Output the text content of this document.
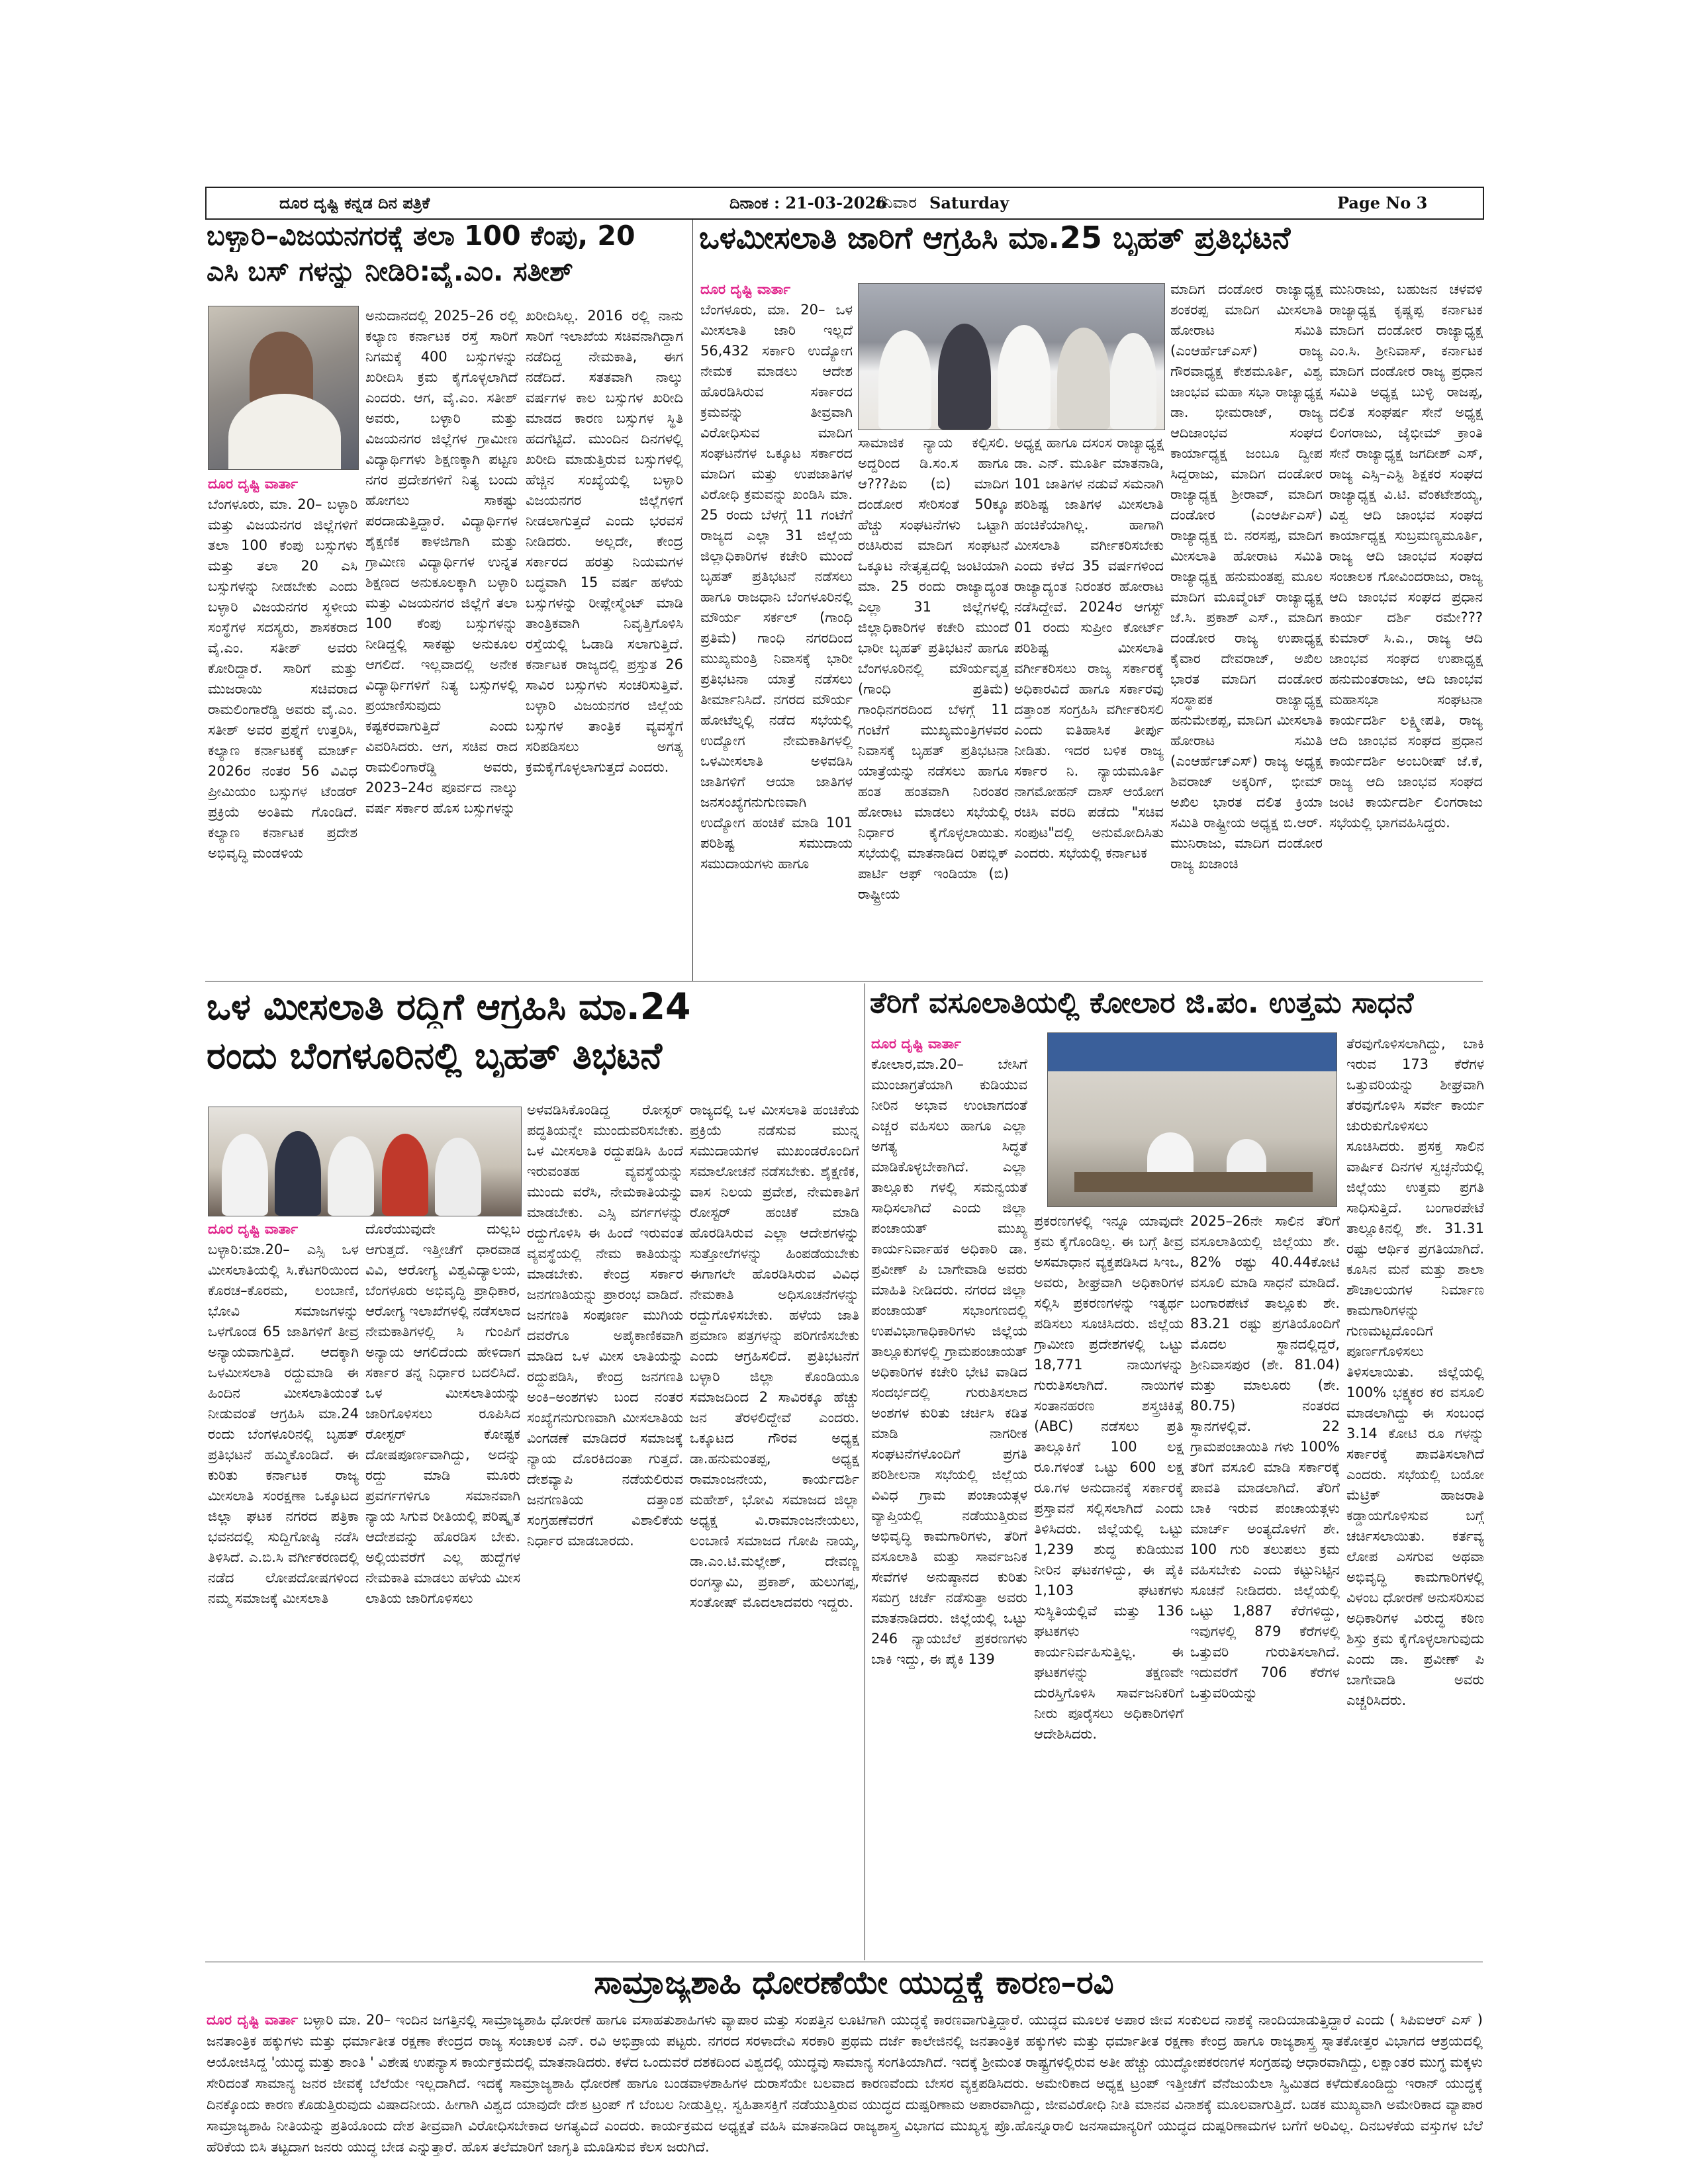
ದೂರ ದೃಷ್ಟಿ ಕನ್ನಡ ದಿನ ಪತ್ರಿಕೆ	ದಿನಾಂಕ : 21-03-2026
ಶನಿವಾರ Saturday	Page No 3
ಬಳ್ಳಾರಿ–ವಿಜಯನಗರಕ್ಕೆ ತಲಾ 100 ಕೆಂಪು, 20
ಎಸಿ ಬಸ್ ಗಳನ್ನು ನೀಡಿರಿ:ವೈ.ಎಂ. ಸತೀಶ್

ದೂರ ದೃಷ್ಟಿ ವಾರ್ತಾ

ಬೆಂಗಳೂರು, ಮಾ. 20– ಬಳ್ಳಾರಿ ಮತ್ತು ವಿಜಯನಗರ ಜಿಲ್ಲೆಗಳಿಗೆ ತಲಾ 100 ಕೆಂಪು ಬಸ್ಸುಗಳು ಮತ್ತು ತಲಾ 20 ಎಸಿ ಬಸ್ಸುಗಳನ್ನು ನೀಡಬೇಕು ಎಂದು ಬಳ್ಳಾರಿ ವಿಜಯನಗರ ಸ್ಥಳೀಯ ಸಂಸ್ಥೆಗಳ ಸದಸ್ಯರು, ಶಾಸಕರಾದ ವೈ.ಎಂ. ಸತೀಶ್ ಅವರು ಕೋರಿದ್ದಾರೆ. ಸಾರಿಗೆ ಮತ್ತು ಮುಜರಾಯಿ ಸಚಿವರಾದ ರಾಮಲಿಂಗಾರೆಡ್ಡಿ ಅವರು ವೈ.ಎಂ. ಸತೀಶ್ ಅವರ ಪ್ರಶ್ನೆಗೆ ಉತ್ತರಿಸಿ, ಕಲ್ಯಾಣ ಕರ್ನಾಟಕಕ್ಕೆ ಮಾರ್ಚ್ 2026ರ ನಂತರ 56 ವಿವಿಧ ಪ್ರೀಮಿಯಂ ಬಸ್ಸುಗಳ ಟೆಂಡರ್ ಪ್ರಕ್ರಿಯೆ ಅಂತಿಮ ಗೊಂಡಿದೆ. ಕಲ್ಯಾಣ ಕರ್ನಾಟಕ ಪ್ರದೇಶ ಅಭಿವೃದ್ಧಿ ಮಂಡಳಿಯ

ಅನುದಾನದಲ್ಲಿ 2025–26 ರಲ್ಲಿ ಕಲ್ಯಾಣ ಕರ್ನಾಟಕ ರಸ್ತೆ ಸಾರಿಗೆ ನಿಗಮಕ್ಕೆ 400 ಬಸ್ಸುಗಳನ್ನು ಖರೀದಿಸಿ ಕ್ರಮ ಕೈಗೊಳ್ಳಲಾಗಿದೆ ಎಂದರು. ಆಗ, ವೈ.ಎಂ. ಸತೀಶ್ ಅವರು, ಬಳ್ಳಾರಿ ಮತ್ತು ವಿಜಯನಗರ ಜಿಲ್ಲೆಗಳ ಗ್ರಾಮೀಣ ವಿದ್ಯಾರ್ಥಿಗಳು ಶಿಕ್ಷಣಕ್ಕಾಗಿ ಪಟ್ಟಣ ನಗರ ಪ್ರದೇಶಗಳಿಗೆ ನಿತ್ಯ ಬಂದು ಹೋಗಲು ಸಾಕಷ್ಟು ಪರದಾಡುತ್ತಿದ್ದಾರೆ. ವಿದ್ಯಾರ್ಥಿಗಳ ಶೈಕ್ಷಣಿಕ ಕಾಳಜಿಗಾಗಿ ಮತ್ತು ಗ್ರಾಮೀಣ ವಿದ್ಯಾರ್ಥಿಗಳ ಉನ್ನತ ಶಿಕ್ಷಣದ ಅನುಕೂಲಕ್ಕಾಗಿ ಬಳ್ಳಾರಿ ಮತ್ತು ವಿಜಯನಗರ ಜಿಲ್ಲೆಗೆ ತಲಾ 100 ಕೆಂಪು ಬಸ್ಸುಗಳನ್ನು ನೀಡಿದ್ದಲ್ಲಿ ಸಾಕಷ್ಟು ಅನುಕೂಲ ಆಗಲಿದೆ. ಇಲ್ಲವಾದಲ್ಲಿ ಅನೇಕ ವಿದ್ಯಾರ್ಥಿಗಳಿಗೆ ನಿತ್ಯ ಬಸ್ಸುಗಳಲ್ಲಿ ಪ್ರಯಾಣಿಸುವುದು ಕಷ್ಟಕರವಾಗುತ್ತಿದೆ ಎಂದು ವಿವರಿಸಿದರು. ಆಗ, ಸಚಿವ ರಾದ ರಾಮಲಿಂಗಾರೆಡ್ಡಿ ಅವರು, 2023–24ರ ಪೂರ್ವದ ನಾಲ್ಕು ವರ್ಷ ಸರ್ಕಾರ ಹೊಸ ಬಸ್ಸುಗಳನ್ನು

ಖರೀದಿಸಿಲ್ಲ. 2016 ರಲ್ಲಿ ನಾನು ಸಾರಿಗೆ ಇಲಾಖೆಯ ಸಚಿವನಾಗಿದ್ದಾಗ ನಡೆದಿದ್ದ ನೇಮಕಾತಿ, ಈಗ ನಡೆದಿದೆ. ಸತತವಾಗಿ ನಾಲ್ಕು ವರ್ಷಗಳ ಕಾಲ ಬಸ್ಸುಗಳ ಖರೀದಿ ಮಾಡದ ಕಾರಣ ಬಸ್ಸುಗಳ ಸ್ಥಿತಿ ಹದಗೆಟ್ಟಿದೆ. ಮುಂದಿನ ದಿನಗಳಲ್ಲಿ ಖರೀದಿ ಮಾಡುತ್ತಿರುವ ಬಸ್ಸುಗಳಲ್ಲಿ ಹೆಚ್ಚಿನ ಸಂಖ್ಯೆಯಲ್ಲಿ ಬಳ್ಳಾರಿ ವಿಜಯನಗರ ಜಿಲ್ಲೆಗಳಿಗೆ ನೀಡಲಾಗುತ್ತದೆ ಎಂದು ಭರವಸೆ ನೀಡಿದರು. ಅಲ್ಲದೇ, ಕೇಂದ್ರ ಸರ್ಕಾರದ ಹರತ್ತು ನಿಯಮಗಳ ಬದ್ಧವಾಗಿ 15 ವರ್ಷ ಹಳೆಯ ಬಸ್ಸುಗಳನ್ನು ರೀಪ್ಲೇಸ್ಮೆಂಟ್ ಮಾಡಿ ತಾಂತ್ರಿಕವಾಗಿ ನಿವೃತ್ತಿಗೊಳಿಸಿ ರಸ್ತೆಯಲ್ಲಿ ಓಡಾಡಿ ಸಲಾಗುತ್ತಿದೆ. ಕರ್ನಾಟಕ ರಾಜ್ಯದಲ್ಲಿ ಪ್ರಸ್ತುತ 26 ಸಾವಿರ ಬಸ್ಸುಗಳು ಸಂಚರಿಸುತ್ತಿವೆ. ಬಳ್ಳಾರಿ ವಿಜಯನಗರ ಜಿಲ್ಲೆಯ ಬಸ್ಸುಗಳ ತಾಂತ್ರಿಕ ವ್ಯವಸ್ಥೆಗೆ ಸರಿಪಡಿಸಲು ಅಗತ್ಯ ಕ್ರಮಕೈಗೊಳ್ಳಲಾಗುತ್ತದೆ ಎಂದರು.

ಒಳಮೀಸಲಾತಿ ಜಾರಿಗೆ ಆಗ್ರಹಿಸಿ ಮಾ.25 ಬೃಹತ್ ಪ್ರತಿಭಟನೆ

ದೂರ ದೃಷ್ಟಿ ವಾರ್ತಾ

ಬೆಂಗಳೂರು, ಮಾ. 20– ಒಳ ಮೀಸಲಾತಿ ಜಾರಿ ಇಲ್ಲದೆ 56,432 ಸರ್ಕಾರಿ ಉದ್ಯೋಗ ನೇಮಕ ಮಾಡಲು ಆದೇಶ ಹೊರಡಿಸಿರುವ ಸರ್ಕಾರದ ಕ್ರಮವನ್ನು ತೀವ್ರವಾಗಿ ವಿರೋಧಿಸುವ ಮಾದಿಗ ಸಂಘಟನೆಗಳ ಒಕ್ಕೂಟ ಸರ್ಕಾರದ ಮಾದಿಗ ಮತ್ತು ಉಪಜಾತಿಗಳ ವಿರೋಧಿ ಕ್ರಮವನ್ನು ಖಂಡಿಸಿ ಮಾ. 25 ರಂದು ಬೆಳಗ್ಗೆ 11 ಗಂಟೆಗೆ ರಾಜ್ಯದ ಎಲ್ಲಾ 31 ಜಿಲ್ಲೆಯ ಜಿಲ್ಲಾಧಿಕಾರಿಗಳ ಕಚೇರಿ ಮುಂದೆ ಬೃಹತ್ ಪ್ರತಿಭಟನೆ ನಡೆಸಲು ಹಾಗೂ ರಾಜಧಾನಿ ಬೆಂಗಳೂರಿನಲ್ಲಿ ಮೌರ್ಯ ಸರ್ಕಲ್ (ಗಾಂಧಿ ಪ್ರತಿಮೆ) ಗಾಂಧಿ ನಗರದಿಂದ ಮುಖ್ಯಮಂತ್ರಿ ನಿವಾಸಕ್ಕೆ ಭಾರೀ ಪ್ರತಿಭಟನಾ ಯಾತ್ರೆ ನಡೆಸಲು ತೀರ್ಮಾನಿಸಿದೆ. ನಗರದ ಮೌರ್ಯ ಹೋಟೆಲ್ನಲ್ಲಿ ನಡೆದ ಸಭೆಯಲ್ಲಿ ಉದ್ಯೋಗ ನೇಮಕಾತಿಗಳಲ್ಲಿ ಒಳಮೀಸಲಾತಿ ಅಳವಡಿಸಿ ಜಾತಿಗಳಿಗೆ ಆಯಾ ಜಾತಿಗಳ ಜನಸಂಖ್ಯೆಗನುಗುಣವಾಗಿ ಉದ್ಯೋಗ ಹಂಚಿಕೆ ಮಾಡಿ 101 ಪರಿಶಿಷ್ಟ ಸಮುದಾಯ ಸಮುದಾಯಗಳು ಹಾಗೂ

ಸಾಮಾಜಿಕ ನ್ಯಾಯ ಕಲ್ಪಿಸಲಿ. ಅದ್ದರಿಂದ ಡಿ.ಸಂ.ಸ ಹಾಗೂ ಆ???ಪಿಐ (ಬಿ) ಮಾದಿಗ ದಂಡೋರ ಸೇರಿಸಂತೆ 50ಕ್ಕೂ ಹೆಚ್ಚು ಸಂಘಟನೆಗಳು ಒಟ್ಟಾಗಿ ರಚಿಸಿರುವ ಮಾದಿಗ ಸಂಘಟನೆ ಒಕ್ಕೂಟ ನೇತೃತ್ವದಲ್ಲಿ ಜಂಟಿಯಾಗಿ ಮಾ. 25 ರಂದು ರಾಜ್ಯಾದ್ಯಂತ ಎಲ್ಲಾ 31 ಜಿಲ್ಲೆಗಳಲ್ಲಿ ಜಿಲ್ಲಾಧಿಕಾರಿಗಳ ಕಚೇರಿ ಮುಂದೆ ಭಾರೀ ಬೃಹತ್ ಪ್ರತಿಭಟನೆ ಹಾಗೂ ಬೆಂಗಳೂರಿನಲ್ಲಿ ಮೌರ್ಯವೃತ್ತ (ಗಾಂಧಿ ಪ್ರತಿಮೆ) ಗಾಂಧಿನಗರದಿಂದ ಬೆಳಗ್ಗೆ 11 ಗಂಟೆಗೆ ಮುಖ್ಯಮಂತ್ರಿಗಳವರ ನಿವಾಸಕ್ಕೆ ಬೃಹತ್ ಪ್ರತಿಭಟನಾ ಯಾತ್ರೆಯನ್ನು ನಡೆಸಲು ಹಾಗೂ ಹಂತ ಹಂತವಾಗಿ ನಿರಂತರ ಹೋರಾಟ ಮಾಡಲು ಸಭೆಯಲ್ಲಿ ನಿರ್ಧಾರ ಕೈಗೊಳ್ಳಲಾಯಿತು. ಸಭೆಯಲ್ಲಿ ಮಾತನಾಡಿದ ರಿಪಬ್ಲಿಕ್ ಪಾರ್ಟಿ ಆಫ್ ಇಂಡಿಯಾ (ಬಿ) ರಾಷ್ಟ್ರೀಯ

ಅಧ್ಯಕ್ಷ ಹಾಗೂ ದಸಂಸ ರಾಜ್ಯಾಧ್ಯಕ್ಷ ಡಾ. ಎನ್. ಮೂರ್ತಿ ಮಾತನಾಡಿ, 101 ಜಾತಿಗಳ ನಡುವೆ ಸಮನಾಗಿ ಪರಿಶಿಷ್ಟ ಜಾತಿಗಳ ಮೀಸಲಾತಿ ಹಂಚಿಕೆಯಾಗಿಲ್ಲ. ಹಾಗಾಗಿ ಮೀಸಲಾತಿ ವರ್ಗೀಕರಿಸಬೇಕು ಎಂದು ಕಳೆದ 35 ವರ್ಷಗಳಿಂದ ರಾಜ್ಯಾದ್ಯಂತ ನಿರಂತರ ಹೋರಾಟ ನಡೆಸಿದ್ದೇವೆ. 2024ರ ಆಗಸ್ಟ್ 01 ರಂದು ಸುಪ್ರೀಂ ಕೋರ್ಟ್ ಪರಿಶಿಷ್ಟ ಮೀಸಲಾತಿ ವರ್ಗೀಕರಿಸಲು ರಾಜ್ಯ ಸರ್ಕಾರಕ್ಕೆ ಅಧಿಕಾರವಿದೆ ಹಾಗೂ ಸರ್ಕಾರವು ದತ್ತಾಂಶ ಸಂಗ್ರಹಿಸಿ ವರ್ಗೀಕರಿಸಲಿ ಎಂದು ಐತಿಹಾಸಿಕ ತೀರ್ಪು ನೀಡಿತು. ಇದರ ಬಳಿಕ ರಾಜ್ಯ ಸರ್ಕಾರ ನಿ. ನ್ಯಾಯಮೂರ್ತಿ ನಾಗಮೋಹನ್ ದಾಸ್ ಆಯೋಗ ರಚಿಸಿ ವರದಿ ಪಡೆದು "ಸಚಿವ ಸಂಪುಟ"ದಲ್ಲಿ ಅನುಮೋದಿಸಿತು ಎಂದರು. ಸಭೆಯಲ್ಲಿ ಕರ್ನಾಟಕ

ಮಾದಿಗ ದಂಡೋರ ರಾಜ್ಯಾಧ್ಯಕ್ಷ ಶಂಕರಪ್ಪ ಮಾದಿಗ ಮೀಸಲಾತಿ ಹೋರಾಟ ಸಮಿತಿ (ಎಂಆರ್ಹೆಚ್ಎಸ್) ರಾಜ್ಯ ಗೌರವಾಧ್ಯಕ್ಷ ಕೇಶಮೂರ್ತಿ, ವಿಶ್ವ ಜಾಂಭವ ಮಹಾ ಸಭಾ ರಾಜ್ಯಾಧ್ಯಕ್ಷ ಡಾ. ಭೀಮರಾಜ್, ರಾಜ್ಯ ಆದಿಜಾಂಭವ ಸಂಘದ ಕಾರ್ಯಾಧ್ಯಕ್ಷ ಜಂಬೂ ದ್ವೀಪ ಸಿದ್ದರಾಜು, ಮಾದಿಗ ದಂಡೋರ ರಾಜ್ಯಾಧ್ಯಕ್ಷ ಶ್ರೀರಾವ್, ಮಾದಿಗ ದಂಡೋರ (ಎಂಆರ್ಪಿಎಸ್) ರಾಜ್ಯಾಧ್ಯಕ್ಷ ಬಿ. ನರಸಪ್ಪ, ಮಾದಿಗ ಮೀಸಲಾತಿ ಹೋರಾಟ ಸಮಿತಿ ರಾಜ್ಯಾಧ್ಯಕ್ಷ ಹನುಮಂತಪ್ಪ ಮೂಲ ಮಾದಿಗ ಮೂವ್ಮೆಂಟ್ ರಾಜ್ಯಾಧ್ಯಕ್ಷ ಜೆ.ಸಿ. ಪ್ರಕಾಶ್ ಎಸ್., ಮಾದಿಗ ದಂಡೋರ ರಾಜ್ಯ ಉಪಾಧ್ಯಕ್ಷ ಕೈವಾರ ದೇವರಾಜ್, ಅಖಿಲ ಭಾರತ ಮಾದಿಗ ದಂಡೋರ ಸಂಸ್ಥಾಪಕ ರಾಜ್ಯಾಧ್ಯಕ್ಷ ಹನುಮೇಶಪ್ಪ, ಮಾದಿಗ ಮೀಸಲಾತಿ ಹೋರಾಟ ಸಮಿತಿ (ಎಂಆರ್ಹೆಚ್ಎಸ್) ರಾಜ್ಯ ಅಧ್ಯಕ್ಷ ಶಿವರಾಜ್ ಅಕ್ಕರಿಗ್, ಭೀಮ್ ಅಖಿಲ ಭಾರತ ದಲಿತ ಕ್ರಿಯಾ ಸಮಿತಿ ರಾಷ್ಟ್ರೀಯ ಅಧ್ಯಕ್ಷ ಬಿ.ಆರ್. ಮುನಿರಾಜು, ಮಾದಿಗ ದಂಡೋರ ರಾಜ್ಯ ಖಜಾಂಚಿ

ಮುನಿರಾಜು, ಬಹುಜನ ಚಳವಳಿ ರಾಜ್ಯಾಧ್ಯಕ್ಷ ಕೃಷ್ಣಪ್ಪ ಕರ್ನಾಟಕ ಮಾದಿಗ ದಂಡೋರ ರಾಜ್ಯಾಧ್ಯಕ್ಷ ಎಂ.ಸಿ. ಶ್ರೀನಿವಾಸ್, ಕರ್ನಾಟಕ ಮಾದಿಗ ದಂಡೋರ ರಾಜ್ಯ ಪ್ರಧಾನ ಸಮಿತಿ ಅಧ್ಯಕ್ಷ ಬುಳ್ಳಿ ರಾಜಪ್ಪ, ದಲಿತ ಸಂಘರ್ಷ ಸೇನೆ ಅಧ್ಯಕ್ಷ ಲಿಂಗರಾಜು, ಜೈಭೀಮ್ ಕ್ರಾಂತಿ ಸೇನೆ ರಾಜ್ಯಾಧ್ಯಕ್ಷ ಜಗದೀಶ್ ಎಸ್, ರಾಜ್ಯ ಎಸ್ಸಿ–ಎಸ್ಟಿ ಶಿಕ್ಷಕರ ಸಂಘದ ರಾಜ್ಯಾಧ್ಯಕ್ಷ ವಿ.ಟಿ. ವೆಂಕಟೇಶಯ್ಯ, ವಿಶ್ವ ಆದಿ ಜಾಂಭವ ಸಂಘದ ಕಾರ್ಯಾಧ್ಯಕ್ಷ ಸುಬ್ರಮಣ್ಯಮೂರ್ತಿ, ರಾಜ್ಯ ಆದಿ ಜಾಂಭವ ಸಂಘದ ಸಂಚಾಲಕ ಗೋವಿಂದರಾಜು, ರಾಜ್ಯ ಆದಿ ಜಾಂಭವ ಸಂಘದ ಪ್ರಧಾನ ಕಾರ್ಯ ದರ್ಶಿ ರಮೇ???ಕುಮಾರ್ ಸಿ.ಎ., ರಾಜ್ಯ ಆದಿ ಜಾಂಭವ ಸಂಘದ ಉಪಾಧ್ಯಕ್ಷ ಹನುಮಂತರಾಜು, ಆದಿ ಜಾಂಭವ ಮಹಾಸಭಾ ಸಂಘಟನಾ ಕಾರ್ಯದರ್ಶಿ ಲಕ್ಷ್ಮೀಪತಿ, ರಾಜ್ಯ ಆದಿ ಜಾಂಭವ ಸಂಘದ ಪ್ರಧಾನ ಕಾರ್ಯದರ್ಶಿ ಅಂಬರೀಷ್ ಜೆ.ಕೆ, ರಾಜ್ಯ ಆದಿ ಜಾಂಭವ ಸಂಘದ ಜಂಟಿ ಕಾರ್ಯದರ್ಶಿ ಲಿಂಗರಾಜು ಸಭೆಯಲ್ಲಿ ಭಾಗವಹಿಸಿದ್ದರು.

ಒಳ ಮೀಸಲಾತಿ ರದ್ದಿಗೆ ಆಗ್ರಹಿಸಿ ಮಾ.24
ರಂದು ಬೆಂಗಳೂರಿನಲ್ಲಿ ಬೃಹತ್ ತಿಭಟನೆ

ದೂರ ದೃಷ್ಟಿ ವಾರ್ತಾ

ಬಳ್ಳಾರಿ:ಮಾ.20– ಎಸ್ಸಿ ಒಳ ಮೀಸಲಾತಿಯಲ್ಲಿ ಸಿ.ಕೆಟಗರಿಯಿಂದ ಕೊರಚ–ಕೊರಮ, ಲಂಬಾಣಿ, ಭೋವಿ ಸಮಾಜಗಳನ್ನು ಒಳಗೊಂಡ 65 ಜಾತಿಗಳಿಗೆ ತೀವ್ರ ಅನ್ಯಾಯವಾಗುತ್ತಿದೆ. ಆದಕ್ಕಾಗಿ ಒಳಮೀಸಲಾತಿ ರದ್ದುಮಾಡಿ ಈ ಹಿಂದಿನ ಮೀಸಲಾತಿಯಂತೆ ನೀಡುವಂತೆ ಆಗ್ರಹಿಸಿ ಮಾ.24 ರಂದು ಬೆಂಗಳೂರಿನಲ್ಲಿ ಬೃಹತ್ ಪ್ರತಿಭಟನೆ ಹಮ್ಮಿಕೊಂಡಿದೆ. ಈ ಕುರಿತು ಕರ್ನಾಟಕ ರಾಜ್ಯ ಮೀಸಲಾತಿ ಸಂರಕ್ಷಣಾ ಒಕ್ಕೂಟದ ಜಿಲ್ಲಾ ಘಟಕ ನಗರದ ಪತ್ರಿಕಾ ಭವನದಲ್ಲಿ ಸುದ್ದಿಗೋಷ್ಠಿ ನಡೆಸಿ ತಿಳಿಸಿದೆ. ಎ.ಬಿ.ಸಿ ವರ್ಗೀಕರಣದಲ್ಲಿ ನಡೆದ ಲೋಪದೋಷಗಳಿಂದ ನಮ್ಮ ಸಮಾಜಕ್ಕೆ ಮೀಸಲಾತಿ

ದೊರೆಯುವುದೇ ದುಲ್ಲಬ ಆಗುತ್ತದೆ. ಇತ್ತೀಚೆಗೆ ಧಾರವಾಡ ವಿವಿ, ಆರೋಗ್ಯ ವಿಶ್ವವಿದ್ಯಾಲಯ, ಬೆಂಗಳೂರು ಅಭಿವೃದ್ಧಿ ಪ್ರಾಧಿಕಾರ, ಆರೋಗ್ಯ ಇಲಾಖೆಗಳಲ್ಲಿ ನಡೆಸಲಾದ ನೇಮಕಾತಿಗಳಲ್ಲಿ ಸಿ ಗುಂಪಿಗೆ ಅನ್ಯಾಯ ಆಗಲಿದೆಂದು ಹೇಳಿದಾಗ ಸರ್ಕಾರ ತನ್ನ ನಿರ್ಧಾರ ಬದಲಿಸಿದೆ. ಒಳ ಮೀಸಲಾತಿಯನ್ನು ಜಾರಿಗೊಳಿಸಲು ರೂಪಿಸಿದ ರೋಸ್ಟರ್ ಕೋಷ್ಟಕ ದೋಷಪೂರ್ಣವಾಗಿದ್ದು, ಅದನ್ನು ರದ್ದು ಮಾಡಿ ಮೂರು ಪ್ರವರ್ಗಗಳಿಗೂ ಸಮಾನವಾಗಿ ನ್ಯಾಯ ಸಿಗುವ ರೀತಿಯಲ್ಲಿ ಪರಿಷ್ಕೃತ ಆದೇಶವನ್ನು ಹೊರಡಿಸ ಬೇಕು. ಅಲ್ಲಿಯವರೆಗೆ ಎಲ್ಲ ಹುದ್ದೆಗಳ ನೇಮಕಾತಿ ಮಾಡಲು ಹಳೆಯ ಮೀಸ ಲಾತಿಯ ಜಾರಿಗೊಳಿಸಲು

ಅಳವಡಿಸಿಕೊಂಡಿದ್ದ ರೋಸ್ಟರ್ ಪದ್ಧತಿಯನ್ನೇ ಮುಂದುವರಿಸಬೇಕು. ಒಳ ಮೀಸಲಾತಿ ರದ್ದುಪಡಿಸಿ ಹಿಂದೆ ಇರುವಂತಹ ವ್ಯವಸ್ಥೆಯನ್ನು ಮುಂದು ವರೆಸಿ, ನೇಮಕಾತಿಯನ್ನು ಮಾಡಬೇಕು. ಎಸ್ಸಿ ವರ್ಗಗಳನ್ನು ರದ್ದುಗೊಳಿಸಿ ಈ ಹಿಂದೆ ಇರುವಂತ ವ್ಯವಸ್ಥೆಯಲ್ಲಿ ನೇಮ ಕಾತಿಯನ್ನು ಮಾಡಬೇಕು. ಕೇಂದ್ರ ಸರ್ಕಾರ ಜನಗಣತಿಯನ್ನು ಪ್ರಾರಂಭ ವಾಡಿದೆ. ಜನಗಣತಿ ಸಂಪೂರ್ಣ ಮುಗಿಯ ದವರೆಗೂ ಅಪೈಕಾಣಿಕವಾಗಿ ಮಾಡಿದ ಒಳ ಮೀಸ ಲಾತಿಯನ್ನು ರದ್ದುಪಡಿಸಿ, ಕೇಂದ್ರ ಜನಗಣತಿ ಅಂಕಿ–ಅಂಶಗಳು ಬಂದ ನಂತರ ಸಂಖ್ಯೆಗನುಗುಣವಾಗಿ ಮೀಸಲಾತಿಯ ವಿಂಗಡಣೆ ಮಾಡಿದರೆ ಸಮಾಜಕ್ಕೆ ನ್ಯಾಯ ದೊರಕಿದಂತಾ ಗುತ್ತದೆ. ದೇಶವ್ಯಾಪಿ ನಡೆಯಲಿರುವ ಜನಗಣತಿಯ ದತ್ತಾಂಶ ಸಂಗ್ರಹಣೆವರೆಗೆ ವಿಶಾಲಿಕೆಯ ನಿರ್ಧಾರ ಮಾಡಬಾರದು.

ರಾಜ್ಯದಲ್ಲಿ ಒಳ ಮೀಸಲಾತಿ ಹಂಚಿಕೆಯ ಪ್ರಕ್ರಿಯೆ ನಡೆಸುವ ಮುನ್ನ ಸಮುದಾಯಗಳ ಮುಖಂಡರೊಂದಿಗೆ ಸಮಾಲೋಚನೆ ನಡೆಸಬೇಕು. ಶೈಕ್ಷಣಿಕ, ವಾಸ ನಿಲಯ ಪ್ರವೇಶ, ನೇಮಕಾತಿಗೆ ರೋಸ್ಟರ್ ಹಂಚಿಕೆ ಮಾಡಿ ಹೊರಡಿಸಿರುವ ಎಲ್ಲಾ ಆದೇಶಗಳನ್ನು ಸುತ್ತೋಲೆಗಳನ್ನು ಹಿಂಪಡೆಯಬೇಕು ಈಗಾಗಲೇ ಹೊರಡಿಸಿರುವ ವಿವಿಧ ನೇಮಕಾತಿ ಅಧಿಸೂಚನೆಗಳನ್ನು ರದ್ದುಗೊಳಿಸಬೇಕು. ಹಳೆಯ ಜಾತಿ ಪ್ರಮಾಣ ಪತ್ರಗಳನ್ನು ಪರಿಗಣಿಸಬೇಕು ಎಂದು ಆಗ್ರಹಿಸಲಿದೆ. ಪ್ರತಿಭಟನೆಗೆ ಬಳ್ಳಾರಿ ಜಿಲ್ಲಾ ಕೊಂಡಿಯೂ ಸಮಾಜದಿಂದ 2 ಸಾವಿರಕ್ಕೂ ಹೆಚ್ಚು ಜನ ತೆರಳಲಿದ್ದೇವೆ ಎಂದರು. ಒಕ್ಕೂಟದ ಗೌರವ ಅಧ್ಯಕ್ಷ ಡಾ.ಹನುಮಂತಪ್ಪ, ಅಧ್ಯಕ್ಷ ರಾಮಾಂಜನೇಯ, ಕಾರ್ಯದರ್ಶಿ ಮಹೇಶ್, ಭೋವಿ ಸಮಾಜದ ಜಿಲ್ಲಾ ಅಧ್ಯಕ್ಷ ವಿ.ರಾಮಾಂಜನೇಯಲು, ಲಂಬಾಣಿ ಸಮಾಜದ ಗೋಪಿ ನಾಯ್ಕ, ಡಾ.ಎಂ.ಟಿ.ಮಲ್ಲೇಶ್, ದೇವಣ್ಣ ರಂಗಸ್ವಾಮಿ, ಪ್ರಕಾಶ್, ಹುಲುಗಪ್ಪ, ಸಂತೋಷ್ ಮೊದಲಾದವರು ಇದ್ದರು.

ತೆರಿಗೆ ವಸೂಲಾತಿಯಲ್ಲಿ ಕೋಲಾರ ಜಿ.ಪಂ. ಉತ್ತಮ ಸಾಧನೆ

ದೂರ ದೃಷ್ಟಿ ವಾರ್ತಾ

ಕೋಲಾರ,ಮಾ.20– ಬೇಸಿಗೆ ಮುಂಜಾಗ್ರತೆಯಾಗಿ ಕುಡಿಯುವ ನೀರಿನ ಅಭಾವ ಉಂಟಾಗದಂತೆ ಎಚ್ಚರ ವಹಿಸಲು ಹಾಗೂ ಎಲ್ಲಾ ಅಗತ್ಯ ಸಿದ್ಧತೆ ಮಾಡಿಕೊಳ್ಳಬೇಕಾಗಿದೆ. ಎಲ್ಲಾ ತಾಲ್ಲೂಕು ಗಳಲ್ಲಿ ಸಮನ್ವಯತೆ ಸಾಧಿಸಲಾಗಿದೆ ಎಂದು ಜಿಲ್ಲಾ ಪಂಚಾಯತ್ ಮುಖ್ಯ ಕಾರ್ಯನಿರ್ವಾಹಕ ಅಧಿಕಾರಿ ಡಾ. ಪ್ರವೀಣ್ ಪಿ ಬಾಗೇವಾಡಿ ಅವರು ಮಾಹಿತಿ ನೀಡಿದರು. ನಗರದ ಜಿಲ್ಲಾ ಪಂಚಾಯತ್ ಸಭಾಂಗಣದಲ್ಲಿ ಉಪವಿಭಾಗಾಧಿಕಾರಿಗಳು ಜಿಲ್ಲೆಯ ತಾಲ್ಲೂಕುಗಳಲ್ಲಿ ಗ್ರಾಮಪಂಚಾಯತ್ ಅಧಿಕಾರಿಗಳ ಕಚೇರಿ ಭೇಟಿ ವಾಡಿದ ಸಂದರ್ಭದಲ್ಲಿ ಗುರುತಿಸಲಾದ ಅಂಶಗಳ ಕುರಿತು ಚರ್ಚಿಸಿ ಕಡಿತ ಮಾಡಿ ನಾಗರೀಕ ಸಂಘಟನೆಗಳೊಂದಿಗೆ ಪ್ರಗತಿ ಪರಿಶೀಲನಾ ಸಭೆಯಲ್ಲಿ ಜಿಲ್ಲೆಯ ವಿವಿಧ ಗ್ರಾಮ ಪಂಚಾಯತ್ಗಳ ವ್ಯಾಪ್ತಿಯಲ್ಲಿ ನಡೆಯುತ್ತಿರುವ ಅಭಿವೃದ್ಧಿ ಕಾಮಗಾರಿಗಳು, ತೆರಿಗೆ ವಸೂಲಾತಿ ಮತ್ತು ಸಾರ್ವಜನಿಕ ಸೇವೆಗಳ ಅನುಷ್ಠಾನದ ಕುರಿತು ಸಮಗ್ರ ಚರ್ಚೆ ನಡೆಸುತ್ತಾ ಅವರು ಮಾತನಾಡಿದರು. ಜಿಲ್ಲೆಯಲ್ಲಿ ಒಟ್ಟು 246 ನ್ಯಾಯಬೆಲೆ ಪ್ರಕರಣಗಳು ಬಾಕಿ ಇದ್ದು, ಈ ಪೈಕಿ 139

ಪ್ರಕರಣಗಳಲ್ಲಿ ಇನ್ನೂ ಯಾವುದೇ ಕ್ರಮ ಕೈಗೊಂಡಿಲ್ಲ. ಈ ಬಗ್ಗೆ ತೀವ್ರ ಅಸಮಾಧಾನ ವ್ಯಕ್ತಪಡಿಸಿದ ಸಿಇಒ, ಅವರು, ಶೀಘ್ರವಾಗಿ ಅಧಿಕಾರಿಗಳ ಸಲ್ಲಿಸಿ ಪ್ರಕರಣಗಳನ್ನು ಇತ್ಯರ್ಥ ಪಡಿಸಲು ಸೂಚಿಸಿದರು. ಜಿಲ್ಲೆಯ ಗ್ರಾಮೀಣ ಪ್ರದೇಶಗಳಲ್ಲಿ ಒಟ್ಟು 18,771 ನಾಯಿಗಳನ್ನು ಗುರುತಿಸಲಾಗಿದೆ. ನಾಯಿಗಳ ಸಂತಾನಹರಣ ಶಸ್ತ್ರಚಿಕಿತ್ಸೆ (ABC) ನಡೆಸಲು ಪ್ರತಿ ತಾಲ್ಲೂಕಿಗೆ 100 ಲಕ್ಷ ರೂ.ಗಳಂತೆ ಒಟ್ಟು 600 ಲಕ್ಷ ರೂ.ಗಳ ಅನುದಾನಕ್ಕೆ ಸರ್ಕಾರಕ್ಕೆ ಪ್ರಸ್ತಾವನೆ ಸಲ್ಲಿಸಲಾಗಿದೆ ಎಂದು ತಿಳಿಸಿದರು. ಜಿಲ್ಲೆಯಲ್ಲಿ ಒಟ್ಟು 1,239 ಶುದ್ಧ ಕುಡಿಯುವ ನೀರಿನ ಘಟಕಗಳಿದ್ದು, ಈ ಪೈಕಿ 1,103 ಘಟಕಗಳು ಸುಸ್ಥಿತಿಯಲ್ಲಿವೆ ಮತ್ತು 136 ಘಟಕಗಳು ಕಾರ್ಯನಿರ್ವಹಿಸುತ್ತಿಲ್ಲ. ಈ ಘಟಕಗಳನ್ನು ತಕ್ಷಣವೇ ದುರಸ್ತಿಗೊಳಿಸಿ ಸಾರ್ವಜನಿಕರಿಗೆ ನೀರು ಪೂರೈಸಲು ಅಧಿಕಾರಿಗಳಿಗೆ ಆದೇಶಿಸಿದರು.

2025–26ನೇ ಸಾಲಿನ ತೆರಿಗೆ ವಸೂಲಾತಿಯಲ್ಲಿ ಜಿಲ್ಲೆಯು ಶೇ. 82% ರಷ್ಟು 40.44ಕೋಟಿ ವಸೂಲಿ ಮಾಡಿ ಸಾಧನೆ ಮಾಡಿದೆ. ಬಂಗಾರಪೇಟೆ ತಾಲ್ಲೂಕು ಶೇ. 83.21 ರಷ್ಟು ಪ್ರಗತಿಯೊಂದಿಗೆ ಮೊದಲ ಸ್ಥಾನದಲ್ಲಿದ್ದರೆ, ಶ್ರೀನಿವಾಸಪುರ (ಶೇ. 81.04) ಮತ್ತು ಮಾಲೂರು (ಶೇ. 80.75) ನಂತರದ ಸ್ಥಾನಗಳಲ್ಲಿವೆ. 22 ಗ್ರಾಮಪಂಚಾಯಿತಿ ಗಳು 100% ತೆರಿಗೆ ವಸೂಲಿ ಮಾಡಿ ಸರ್ಕಾರಕ್ಕೆ ಪಾವತಿ ಮಾಡಲಾಗಿದೆ. ತೆರಿಗೆ ಬಾಕಿ ಇರುವ ಪಂಚಾಯತ್ಗಳು ಮಾರ್ಚ್ ಅಂತ್ಯದೊಳಗೆ ಶೇ. 100 ಗುರಿ ತಲುಪಲು ಕ್ರಮ ವಹಿಸಬೇಕು ಎಂದು ಕಟ್ಟುನಿಟ್ಟಿನ ಸೂಚನೆ ನೀಡಿದರು. ಜಿಲ್ಲೆಯಲ್ಲಿ ಒಟ್ಟು 1,887 ಕೆರೆಗಳಿದ್ದು, ಇವುಗಳಲ್ಲಿ 879 ಕೆರೆಗಳಲ್ಲಿ ಒತ್ತುವರಿ ಗುರುತಿಸಲಾಗಿದೆ. ಇದುವರೆಗೆ 706 ಕೆರೆಗಳ ಒತ್ತುವರಿಯನ್ನು

ತೆರವುಗೊಳಿಸಲಾಗಿದ್ದು, ಬಾಕಿ ಇರುವ 173 ಕೆರೆಗಳ ಒತ್ತುವರಿಯನ್ನು ಶೀಘ್ರವಾಗಿ ತೆರವುಗೊಳಿಸಿ ಸರ್ವೇ ಕಾರ್ಯ ಚುರುಕುಗೊಳಿಸಲು ಸೂಚಿಸಿದರು. ಪ್ರಸಕ್ತ ಸಾಲಿನ ವಾರ್ಷಿಕ ದಿನಗಳ ಸ್ವಚ್ಛನೆಯಲ್ಲಿ ಜಿಲ್ಲೆಯು ಉತ್ತಮ ಪ್ರಗತಿ ಸಾಧಿಸುತ್ತಿದೆ. ಬಂಗಾರಪೇಟೆ ತಾಲ್ಲೂಕಿನಲ್ಲಿ ಶೇ. 31.31 ರಷ್ಟು ಆರ್ಥಿಕ ಪ್ರಗತಿಯಾಗಿದೆ. ಕೂಸಿನ ಮನೆ ಮತ್ತು ಶಾಲಾ ಶೌಚಾಲಯಗಳ ನಿರ್ಮಾಣ ಕಾಮಗಾರಿಗಳನ್ನು ಗುಣಮಟ್ಟದೊಂದಿಗೆ ಪೂರ್ಣಗೊಳಿಸಲು ತಿಳಿಸಲಾಯಿತು. ಜಿಲ್ಲೆಯಲ್ಲಿ 100% ಭಕ್ಷ್ಯಕರ ಕರ ವಸೂಲಿ ಮಾಡಲಾಗಿದ್ದು ಈ ಸಂಬಂಧ 3.14 ಕೋಟಿ ರೂ ಗಳನ್ನು ಸರ್ಕಾರಕ್ಕೆ ಪಾವತಿಸಲಾಗಿದೆ ಎಂದರು. ಸಭೆಯಲ್ಲಿ ಬಯೋ ಮೆಟ್ರಿಕ್ ಹಾಜರಾತಿ ಕಡ್ಡಾಯಗೊಳಿಸುವ ಬಗ್ಗೆ ಚರ್ಚಿಸಲಾಯಿತು. ಕರ್ತವ್ಯ ಲೋಪ ಎಸಗುವ ಅಥವಾ ಅಭಿವೃದ್ಧಿ ಕಾಮಗಾರಿಗಳಲ್ಲಿ ವಿಳಂಬ ಧೋರಣೆ ಅನುಸರಿಸುವ ಅಧಿಕಾರಿಗಳ ವಿರುದ್ಧ ಕಠಿಣ ಶಿಸ್ತು ಕ್ರಮ ಕೈಗೊಳ್ಳಲಾಗುವುದು ಎಂದು ಡಾ. ಪ್ರವೀಣ್ ಪಿ ಬಾಗೇವಾಡಿ ಅವರು ಎಚ್ಚರಿಸಿದರು.

ಸಾಮ್ರಾಜ್ಯಶಾಹಿ ಧೋರಣೆಯೇ ಯುದ್ಧಕ್ಕೆ ಕಾರಣ–ರವಿ
ದೂರ ದೃಷ್ಟಿ ವಾರ್ತಾ ಬಳ್ಳಾರಿ ಮಾ. 20– ಇಂದಿನ ಜಗತ್ತಿನಲ್ಲಿ ಸಾಮ್ರಾಜ್ಯಶಾಹಿ ಧೋರಣೆ ಹಾಗೂ ವಸಾಹತುಶಾಹಿಗಳು ವ್ಯಾಪಾರ ಮತ್ತು ಸಂಪತ್ತಿನ ಲೂಟಿಗಾಗಿ ಯುದ್ಧಕ್ಕೆ ಕಾರಣವಾಗುತ್ತಿದ್ದಾರೆ. ಯುದ್ಧದ ಮೂಲಕ ಅಪಾರ ಜೀವ ಸಂಕುಲದ ನಾಶಕ್ಕೆ ನಾಂದಿಯಾಡುತ್ತಿದ್ದಾರೆ ಎಂದು ( ಸಿಪಿಐಆರ್ ಎಸ್ ) ಜನತಾಂತ್ರಿಕ ಹಕ್ಕುಗಳು ಮತ್ತು ಧರ್ಮಾತೀತ ರಕ್ಷಣಾ ಕೇಂದ್ರದ ರಾಜ್ಯ ಸಂಚಾಲಕ ಎನ್. ರವಿ ಅಭಿಪ್ರಾಯ ಪಟ್ಟರು. ನಗರದ ಸರಳಾದೇವಿ ಸರಕಾರಿ ಪ್ರಥಮ ದರ್ಜೆ ಕಾಲೇಜಿನಲ್ಲಿ ಜನತಾಂತ್ರಿಕ ಹಕ್ಕುಗಳು ಮತ್ತು ಧರ್ಮಾತೀತ ರಕ್ಷಣಾ ಕೇಂದ್ರ ಹಾಗೂ ರಾಜ್ಯಶಾಸ್ತ್ರ ಸ್ನಾತಕೋತ್ತರ ವಿಭಾಗದ ಆಶ್ರಯದಲ್ಲಿ ಆಯೋಜಿಸಿದ್ದ 'ಯುದ್ಧ ಮತ್ತು ಶಾಂತಿ ' ವಿಶೇಷ ಉಪನ್ಯಾಸ ಕಾರ್ಯಕ್ರಮದಲ್ಲಿ ಮಾತನಾಡಿದರು. ಕಳೆದ ಒಂದುವರೆ ದಶಕದಿಂದ ವಿಶ್ವದಲ್ಲಿ ಯುದ್ಧವು ಸಾಮಾನ್ಯ ಸಂಗತಿಯಾಗಿದೆ. ಇದಕ್ಕೆ ಶ್ರೀಮಂತ ರಾಷ್ಟ್ರಗಳಲ್ಲಿರುವ ಅತೀ ಹೆಚ್ಚು ಯುದ್ಧೋಪಕರಣಗಳ ಸಂಗ್ರಹವು ಆಧಾರವಾಗಿದ್ದು, ಲಕ್ಷಾಂತರ ಮುಗ್ಧ ಮಕ್ಕಳು ಸೇರಿದಂತೆ ಸಾಮಾನ್ಯ ಜನರ ಜೀವಕ್ಕೆ ಬೆಲೆಯೇ ಇಲ್ಲದಾಗಿದೆ. ಇದಕ್ಕೆ ಸಾಮ್ರಾಜ್ಯಶಾಹಿ ಧೋರಣೆ ಹಾಗೂ ಬಂಡವಾಳಶಾಹಿಗಳ ದುರಾಸೆಯೇ ಬಲವಾದ ಕಾರಣವೆಂದು ಬೇಸರ ವ್ಯಕ್ತಪಡಿಸಿದರು. ಅಮೇರಿಕಾದ ಅಧ್ಯಕ್ಷ ಟ್ರಂಪ್ ಇತ್ತೀಚೆಗೆ ವೆನೆಜುಯೆಲಾ ಸ್ವಿಮಿತದ ಕಳೆದುಕೊಂಡಿದ್ದು ಇರಾನ್ ಯುದ್ಧಕ್ಕೆ ದಿನಕ್ಕೊಂದು ಕಾರಣ ಕೊಡುತ್ತಿರುವುದು ವಿಷಾದನೀಯ. ಹೀಗಾಗಿ ವಿಶ್ವದ ಯಾವುದೇ ದೇಶ ಟ್ರಂಪ್ ಗೆ ಬೆಂಬಲ ನೀಡುತ್ತಿಲ್ಲ. ಸ್ವಹಿತಾಸಕ್ತಿಗೆ ನಡೆಯುತ್ತಿರುವ ಯುದ್ಧದ ದುಷ್ಪರಿಣಾಮ ಅಪಾರವಾಗಿದ್ದು, ಜೀವವಿರೋಧಿ ನೀತಿ ಮಾನವ ವಿನಾಶಕ್ಕೆ ಮೂಲವಾಗುತ್ತಿದೆ. ಬಡಕ ಮುಖ್ಯವಾಗಿ ಅಮೇರಿಕಾದ ವ್ಯಾಪಾರ ಸಾಮ್ರಾಜ್ಯಶಾಹಿ ನೀತಿಯನ್ನು ಪ್ರತಿಯೊಂದು ದೇಶ ತೀವ್ರವಾಗಿ ವಿರೋಧಿಸಬೇಕಾದ ಅಗತ್ಯವಿದೆ ಎಂದರು. ಕಾರ್ಯಕ್ರಮದ ಅಧ್ಯಕ್ಷತೆ ವಹಿಸಿ ಮಾತನಾಡಿದ ರಾಜ್ಯಶಾಸ್ತ್ರ ವಿಭಾಗದ ಮುಖ್ಯಸ್ಥ ಪ್ರೊ.ಹೊನ್ನೂರಾಲಿ ಜನಸಾಮಾನ್ಯರಿಗೆ ಯುದ್ಧದ ದುಷ್ಪರಿಣಾಮಗಳ ಬಗೆಗೆ ಅರಿವಿಲ್ಲ. ದಿನಬಳಕೆಯ ವಸ್ತುಗಳ ಬೆಲೆ ಹೆರಿಕೆಯ ಬಿಸಿ ತಟ್ಟದಾಗ ಜನರು ಯುದ್ಧ ಬೇಡ ಎನ್ನುತ್ತಾರೆ. ಹೊಸ ತಲೆಮಾರಿಗೆ ಜಾಗೃತಿ ಮೂಡಿಸುವ ಕೆಲಸ ಜರುಗಿದೆ.
